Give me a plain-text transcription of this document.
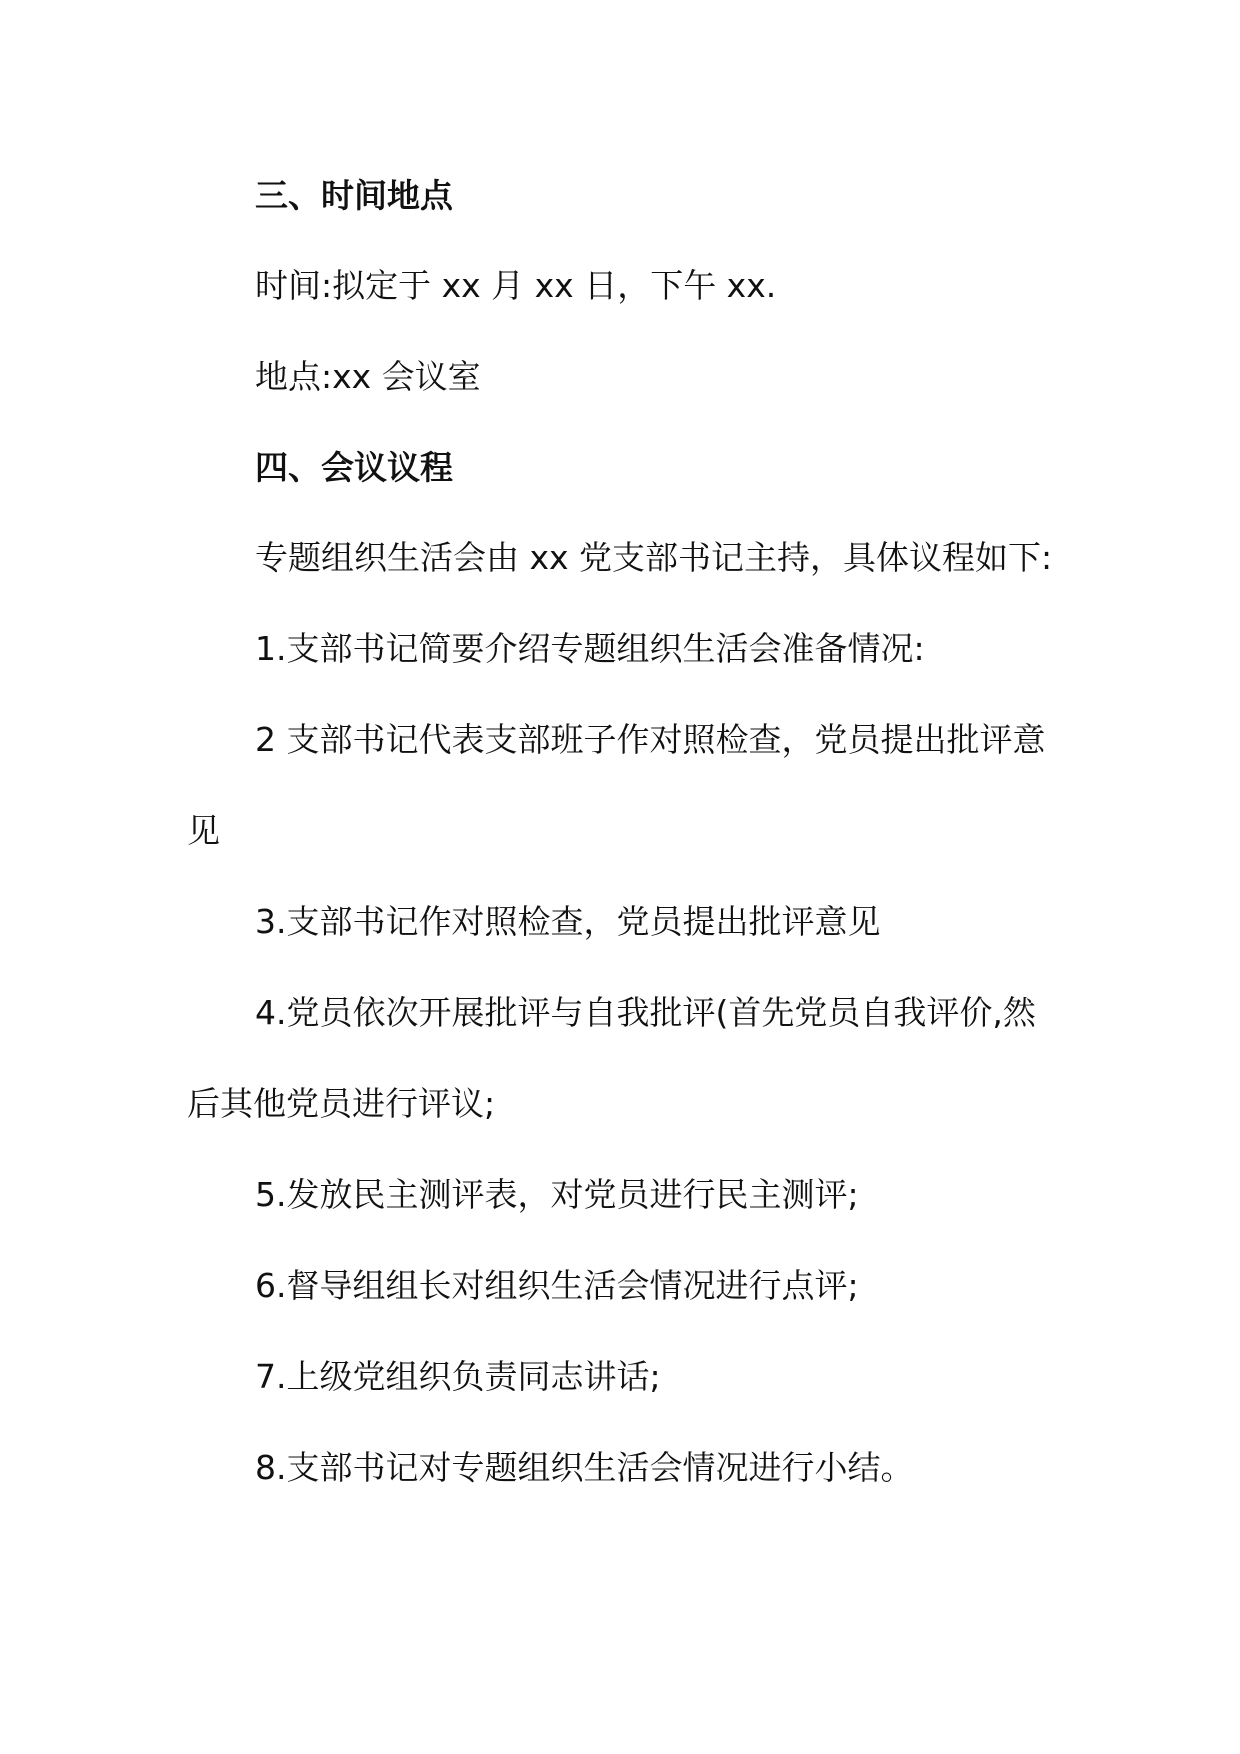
三、时间地点
时间:拟定于 xx 月 xx 日，下午 xx.
地点:xx 会议室
四、会议议程
专题组织生活会由 xx 党支部书记主持，具体议程如下:
1.支部书记简要介绍专题组织生活会准备情况:
2 支部书记代表支部班子作对照检查，党员提出批评意
见
3.支部书记作对照检查，党员提出批评意见
4.党员依次开展批评与自我批评(首先党员自我评价,然
后其他党员进行评议;
5.发放民主测评表，对党员进行民主测评;
6.督导组组长对组织生活会情况进行点评;
7.上级党组织负责同志讲话;
8.支部书记对专题组织生活会情况进行小结。
